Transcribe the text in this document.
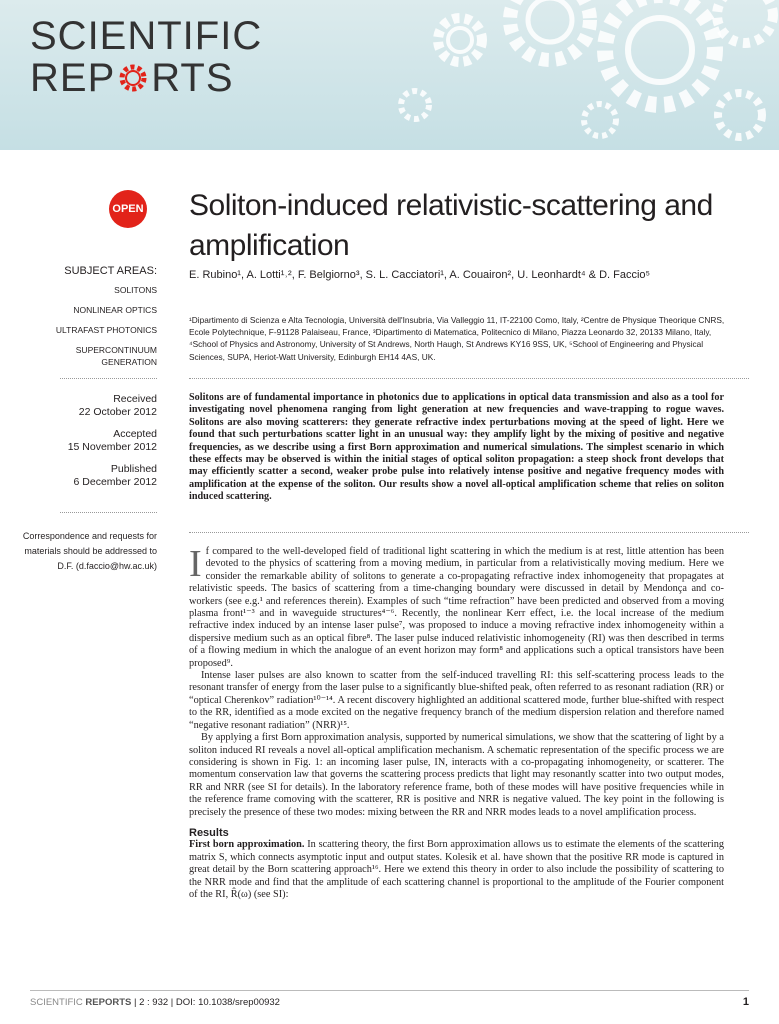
SCIENTIFIC
REP RTS
OPEN Soliton-induced relativistic-scattering and amplification
SUBJECT AREAS:
SOLITONS
NONLINEAR OPTICS
ULTRAFAST PHOTONICS
SUPERCONTINUUM GENERATION
Received
22 October 2012
Accepted
15 November 2012
Published
6 December 2012
Correspondence and requests for materials should be addressed to D.F. (d.faccio@hw.ac.uk)
E. Rubino¹, A. Lotti¹˒², F. Belgiorno³, S. L. Cacciatori¹, A. Couairon², U. Leonhardt⁴ & D. Faccio⁵
¹Dipartimento di Scienza e Alta Tecnologia, Università dell'Insubria, Via Valleggio 11, IT-22100 Como, Italy, ²Centre de Physique Theorique CNRS, Ecole Polytechnique, F-91128 Palaiseau, France, ³Dipartimento di Matematica, Politecnico di Milano, Piazza Leonardo 32, 20133 Milano, Italy, ⁴School of Physics and Astronomy, University of St Andrews, North Haugh, St Andrews KY16 9SS, UK, ⁵School of Engineering and Physical Sciences, SUPA, Heriot-Watt University, Edinburgh EH14 4AS, UK.
Solitons are of fundamental importance in photonics due to applications in optical data transmission and also as a tool for investigating novel phenomena ranging from light generation at new frequencies and wave-trapping to rogue waves. Solitons are also moving scatterers: they generate refractive index perturbations moving at the speed of light. Here we found that such perturbations scatter light in an unusual way: they amplify light by the mixing of positive and negative frequencies, as we describe using a first Born approximation and numerical simulations. The simplest scenario in which these effects may be observed is within the initial stages of optical soliton propagation: a steep shock front develops that may efficiently scatter a second, weaker probe pulse into relatively intense positive and negative frequency modes with amplification at the expense of the soliton. Our results show a novel all-optical amplification scheme that relies on soliton induced scattering.

If compared to the well-developed field of traditional light scattering in which the medium is at rest, little attention has been devoted to the physics of scattering from a moving medium, in particular from a relativistically moving medium. Here we consider the remarkable ability of solitons to generate a co-propagating refractive index inhomogeneity that propagates at relativistic speeds. The basics of scattering from a time-changing boundary were discussed in detail by Mendonça and co-workers (see e.g.¹ and references therein). Examples of such “time refraction” have been predicted and observed from a moving plasma front¹⁻³ and in waveguide structures⁴⁻⁶. Recently, the nonlinear Kerr effect, i.e. the local increase of the medium refractive index induced by an intense laser pulse⁷, was proposed to induce a moving refractive index inhomogeneity within a dispersive medium such as an optical fibre⁸. The laser pulse induced relativistic inhomogeneity (RI) was then described in terms of a flowing medium in which the analogue of an event horizon may form⁸ and applications such a optical transistors have been proposed⁹.

Intense laser pulses are also known to scatter from the self-induced travelling RI: this self-scattering process leads to the resonant transfer of energy from the laser pulse to a significantly blue-shifted peak, often referred to as resonant radiation (RR) or “optical Cherenkov” radiation¹⁰⁻¹⁴. A recent discovery highlighted an additional scattered mode, further blue-shifted with respect to the RR, identified as a mode excited on the negative frequency branch of the medium dispersion relation and therefore named “negative resonant radiation” (NRR)¹⁵.

By applying a first Born approximation analysis, supported by numerical simulations, we show that the scattering of light by a soliton induced RI reveals a novel all-optical amplification mechanism. A schematic representation of the specific process we are considering is shown in Fig. 1: an incoming laser pulse, IN, interacts with a co-propagating inhomogeneity, or scatterer. The momentum conservation law that governs the scattering process predicts that light may resonantly scatter into two output modes, RR and NRR (see SI for details). In the laboratory reference frame, both of these modes will have positive frequencies while in the reference frame comoving with the scatterer, RR is positive and NRR is negative valued. The key point in the following is precisely the presence of these two modes: mixing between the RR and NRR modes leads to a novel amplification process.

Results

First born approximation. In scattering theory, the first Born approximation allows us to estimate the elements of the scattering matrix S, which connects asymptotic input and output states. Kolesik et al. have shown that the positive RR mode is captured in great detail by the Born scattering approach¹⁶. Here we extend this theory in order to also include the possibility of scattering to the NRR mode and find that the amplitude of each scattering channel is proportional to the amplitude of the Fourier component of the RI, R̂(ω) (see SI):

SCIENTIFIC REPORTS | 2 : 932 | DOI: 10.1038/srep00932	1
